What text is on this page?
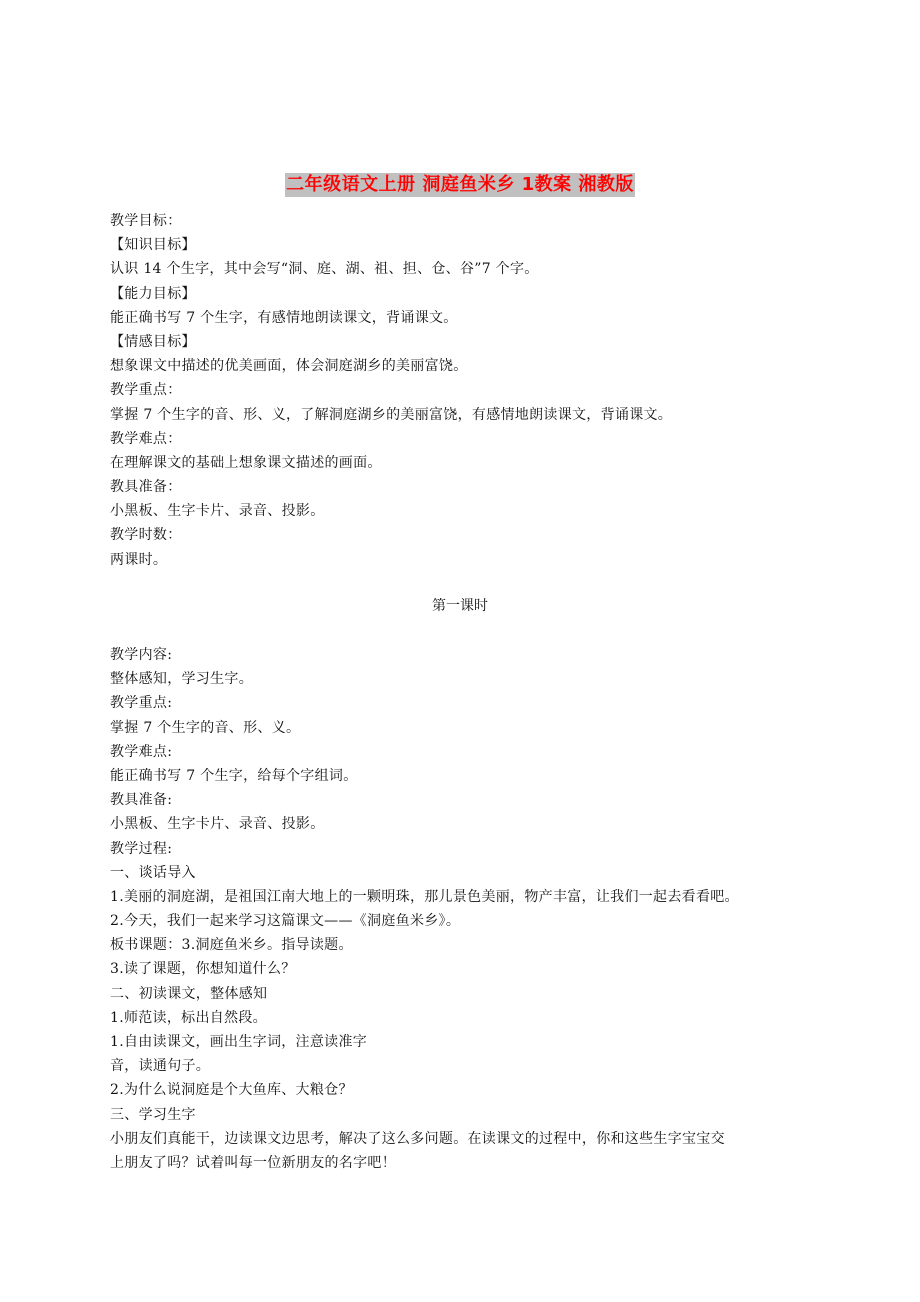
二年级语文上册 洞庭鱼米乡 1教案 湘教版
教学目标：
【知识目标】
认识 14 个生字，其中会写“洞、庭、湖、祖、担、仓、谷”7 个字。
【能力目标】
能正确书写 7 个生字，有感情地朗读课文，背诵课文。
【情感目标】
想象课文中描述的优美画面，体会洞庭湖乡的美丽富饶。
教学重点：
掌握 7 个生字的音、形、义，了解洞庭湖乡的美丽富饶，有感情地朗读课文，背诵课文。
教学难点：
在理解课文的基础上想象课文描述的画面。
教具准备：
小黑板、生字卡片、录音、投影。
教学时数：
两课时。
第一课时
教学内容:
整体感知，学习生字。
教学重点:
掌握 7 个生字的音、形、义。
教学难点:
能正确书写 7 个生字，给每个字组词。
教具准备:
小黑板、生字卡片、录音、投影。
教学过程:
一、谈话导入
1.美丽的洞庭湖，是祖国江南大地上的一颗明珠，那儿景色美丽，物产丰富，让我们一起去看看吧。
2.今天，我们一起来学习这篇课文——《洞庭鱼米乡》。
板书课题：3.洞庭鱼米乡。指导读题。
3.读了课题，你想知道什么？
二、初读课文，整体感知
1.师范读，标出自然段。
1.自由读课文，画出生字词，注意读准字
音，读通句子。
2.为什么说洞庭是个大鱼库、大粮仓？
三、学习生字
小朋友们真能干，边读课文边思考，解决了这么多问题。在读课文的过程中，你和这些生字宝宝交
上朋友了吗？试着叫每一位新朋友的名字吧！
